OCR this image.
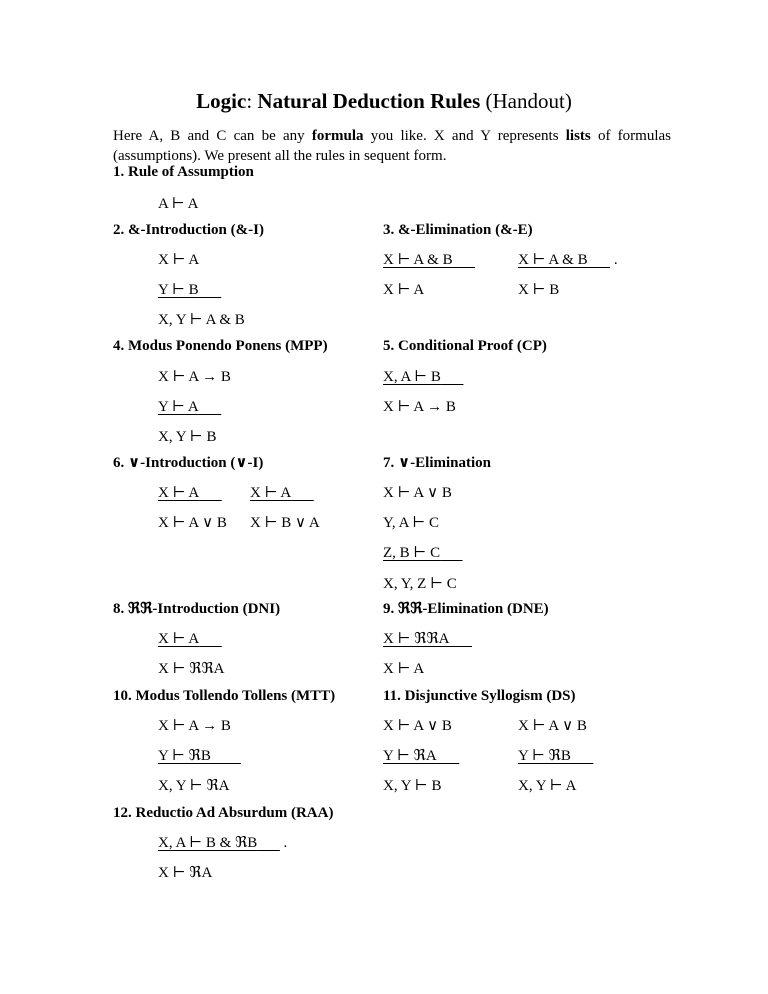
Logic: Natural Deduction Rules (Handout)
Here A, B and C can be any formula you like. X and Y represents lists of formulas (assumptions). We present all the rules in sequent form.
1. Rule of Assumption
A ⊢ A
2. &-Introduction (&-I)
X ⊢ A
Y ⊢ B
X, Y ⊢ A & B
3. &-Elimination (&-E)
X ⊢ A & B
X ⊢ A
X ⊢ A & B .
X ⊢ B
4. Modus Ponendo Ponens (MPP)
X ⊢ A → B
Y ⊢ A
X, Y ⊢ B
5. Conditional Proof (CP)
X, A ⊢ B
X ⊢ A → B
6. ∨-Introduction (∨-I)
X ⊢ A
X ⊢ A ∨ B
X ⊢ A
X ⊢ B ∨ A
7. ∨-Elimination
X ⊢ A ∨ B
Y, A ⊢ C
Z, B ⊢ C
X, Y, Z ⊢ C
8. ℜℜ-Introduction (DNI)
X ⊢ A
X ⊢ ℜℜA
9. ℜℜ-Elimination (DNE)
X ⊢ ℜℜA
X ⊢ A
10. Modus Tollendo Tollens (MTT)
X ⊢ A → B
Y ⊢ ℜB
X, Y ⊢ ℜA
11. Disjunctive Syllogism (DS)
X ⊢ A ∨ B
Y ⊢ ℜA
X, Y ⊢ B
X ⊢ A ∨ B
Y ⊢ ℜB
X, Y ⊢ A
12. Reductio Ad Absurdum (RAA)
X, A ⊢ B & ℜB .
X ⊢ ℜA
